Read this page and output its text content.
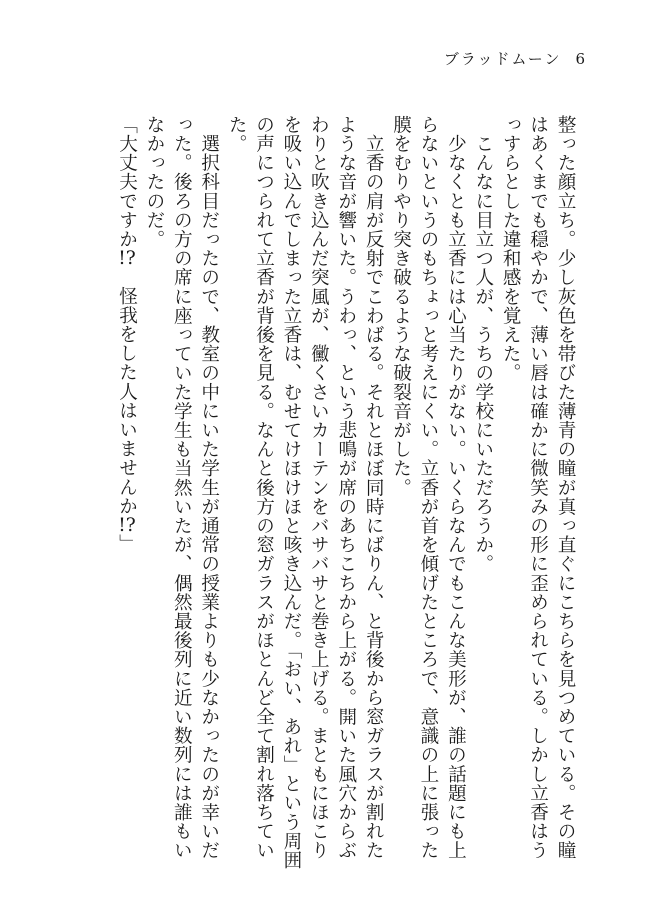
ブラッドムーン 6

整った顔立ち。少し灰色を帯びた薄青の瞳が真っ直ぐにこちらを見つめている。その瞳はあくまでも穏やかで、薄い唇は確かに微笑みの形に歪められている。しかし立香はうっすらとした違和感を覚えた。

　こんなに目立つ人が、うちの学校にいただろうか。

　少なくとも立香には心当たりがない。いくらなんでもこんな美形が、誰の話題にも上らないというのもちょっと考えにくい。立香が首を傾げたところで、意識の上に張った膜をむりやり突き破るような破裂音がした。

　立香の肩が反射でこわばる。それとほぼ同時にばりん、と背後から窓ガラスが割れたような音が響いた。うわっ、という悲鳴が席のあちこちから上がる。開いた風穴からぶわりと吹き込んだ突風が、黴くさいカーテンをバサバサと巻き上げる。まともにほこりを吸い込んでしまった立香は、むせてけほけほと咳き込んだ。「おい、あれ」という周囲の声につられて立香が背後を見る。なんと後方の窓ガラスがほとんど全て割れ落ちていた。

　選択科目だったので、教室の中にいた学生が通常の授業よりも少なかったのが幸いだった。後ろの方の席に座っていた学生も当然いたが、偶然最後列に近い数列には誰もいなかったのだ。

「大丈夫ですか!?　怪我をした人はいませんか!?」
